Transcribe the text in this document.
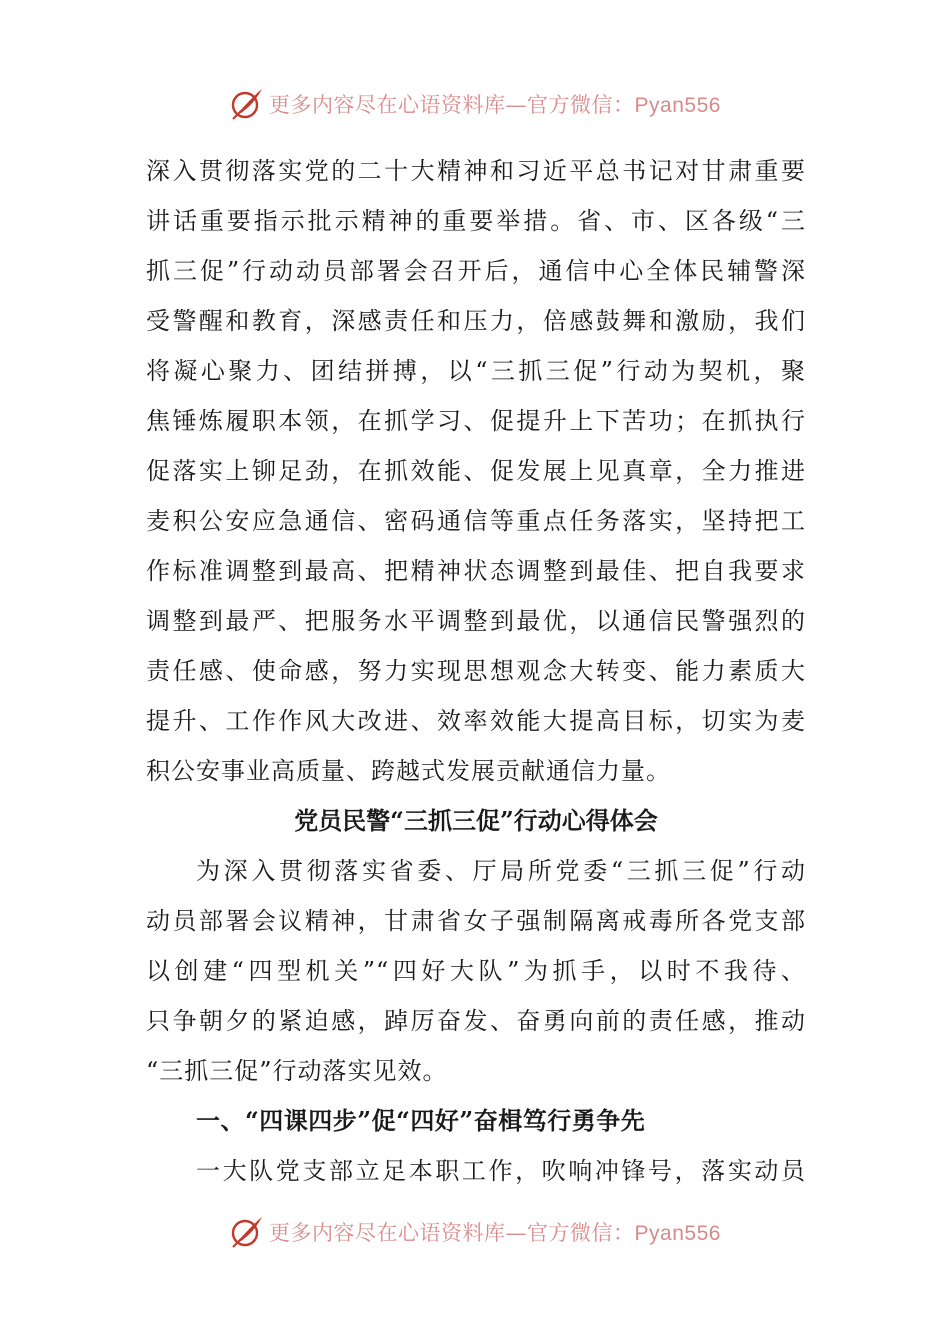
更多内容尽在心语资料库—官方微信：Pyan556
深入贯彻落实党的二十大精神和习近平总书记对甘肃重要
讲话重要指示批示精神的重要举措。省、市、区各级“三
抓三促”行动动员部署会召开后，通信中心全体民辅警深
受警醒和教育，深感责任和压力，倍感鼓舞和激励，我们
将凝心聚力、团结拼搏，以“三抓三促”行动为契机，聚
焦锤炼履职本领，在抓学习、促提升上下苦功；在抓执行
促落实上铆足劲，在抓效能、促发展上见真章，全力推进
麦积公安应急通信、密码通信等重点任务落实，坚持把工
作标准调整到最高、把精神状态调整到最佳、把自我要求
调整到最严、把服务水平调整到最优，以通信民警强烈的
责任感、使命感，努力实现思想观念大转变、能力素质大
提升、工作作风大改进、效率效能大提高目标，切实为麦
积公安事业高质量、跨越式发展贡献通信力量。
党员民警“三抓三促”行动心得体会
为深入贯彻落实省委、厅局所党委“三抓三促”行动
动员部署会议精神，甘肃省女子强制隔离戒毒所各党支部
以创建“四型机关”“四好大队”为抓手，以时不我待、
只争朝夕的紧迫感，踔厉奋发、奋勇向前的责任感，推动
“三抓三促”行动落实见效。
一、“四课四步”促“四好”奋楫笃行勇争先
一大队党支部立足本职工作，吹响冲锋号，落实动员
更多内容尽在心语资料库—官方微信：Pyan556
